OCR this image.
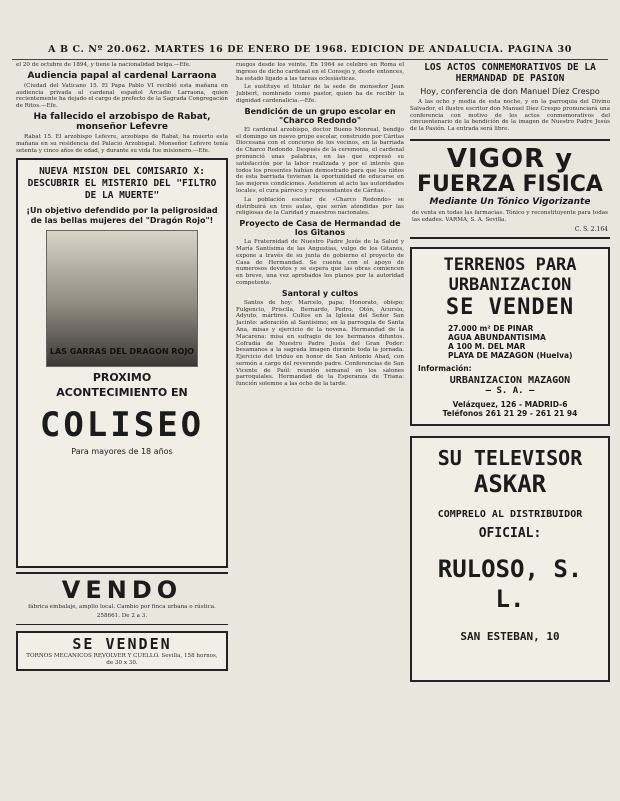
A B C. Nº 20.062. MARTES 16 DE ENERO DE 1968. EDICION DE ANDALUCIA. PAGINA 30

el 20 de octubre de 1894, y tiene la nacionalidad belga.—Efe.

Audiencia papal al cardenal Larraona

(Ciudad del Vaticano 15. El Papa Pablo VI recibió esta mañana en audiencia privada al cardenal español Arcadio Larraona, quien recientemente ha dejado el cargo de prefecto de la Sagrada Congregación de Ritos.—Efe.

Ha fallecido el arzobispo de Rabat, monseñor Lefevre

Rabat 15. El arzobispo Lefevre, arzobispo de Rabat, ha muerto esta mañana en su residencia del Palacio Arzobispal. Monseñor Lefevre tenía setenta y cinco años de edad, y durante su vida fue misionero.—Efe.

NUEVA MISION DEL COMISARIO X: DESCUBRIR EL MISTERIO DEL "FILTRO DE LA MUERTE"
¡Un objetivo defendido por la peligrosidad de las bellas mujeres del "Dragón Rojo"!
LAS GARRAS DEL DRAGON ROJO
PROXIMO
ACONTECIMIENTO EN
COLISEO
Para mayores de 18 años
VENDO

fábrica embalaje, amplio local. Cambio por finca urbana o rústica.

258661. De 2 a 3.

SE VENDEN

TORNOS MECANICOS REVOLVER Y CUELLO. Sevilla, 158 hornos, de 30 x 30.

ruegos desde los veinte. En 1964 se celebró en Roma el ingreso de dicho cardenal en el Consejo y, desde entonces, ha estado ligado a las tareas eclesiásticas.

Le sustituye el titular de la sede de monseñor Jean Jubbert, nombrado como pastor, quien ha de recibir la dignidad cardenalicia.—Efe.

Bendición de un grupo escolar en "Charco Redondo"

El cardenal arzobispo, doctor Bueno Monreal, bendijo el domingo un nuevo grupo escolar, construido por Cáritas Diocesana con el concurso de los vecinos, en la barriada de Charco Redondo. Después de la ceremonia, el cardenal pronunció unas palabras, en las que expresó su satisfacción por la labor realizada y por el interés que todos los presentes habían demostrado para que los niños de esta barriada tuvieran la oportunidad de educarse en las mejores condiciones. Asistieron al acto las autoridades locales, el cura párroco y representantes de Cáritas.

La población escolar de «Charco Redondo» se distribuirá en tres aulas, que serán atendidas por las religiosas de la Caridad y maestros nacionales.

Proyecto de Casa de Hermandad de los Gitanos

La Fraternidad de Nuestro Padre Jesús de la Salud y María Santísima de las Angustias, vulgo de los Gitanos, expone a través de su junta de gobierno el proyecto de Casa de Hermandad. Se cuenta con el apoyo de numerosos devotos y se espera que las obras comiencen en breve, una vez aprobados los planos por la autoridad competente.

Santoral y cultos

Santos de hoy: Marcelo, papa; Honorato, obispo; Fulgencio, Priscila, Bernardo, Pedro, Otón, Acursio, Adyuto, mártires. Cultos en la Iglesia del Señor San Jacinto: adoración al Santísimo; en la parroquia de Santa Ana, misas y ejercicio de la novena. Hermandad de la Macarena: misa en sufragio de los hermanos difuntos. Cofradía de Nuestro Padre Jesús del Gran Poder: besamanos a la sagrada imagen durante toda la jornada. Ejercicio del triduo en honor de San Antonio Abad, con sermón a cargo del reverendo padre. Conferencias de San Vicente de Paúl: reunión semanal en los salones parroquiales. Hermandad de la Esperanza de Triana: función solemne a las ocho de la tarde.

LOS ACTOS CONMEMORATIVOS DE LA HERMANDAD DE PASION
Hoy, conferencia de don Manuel Díez Crespo

A las ocho y media de esta noche, y en la parroquia del Divino Salvador, el ilustre escritor don Manuel Díez Crespo pronunciará una conferencia con motivo de los actos conmemorativos del cincuentenario de la bendición de la imagen de Nuestro Padre Jesús de la Pasión. La entrada será libre.

VIGOR y
FUERZA FISICA
Mediante Un Tónico Vigorizante

de venta en todas las farmacias. Tónico y reconstituyente para todas las edades. VARMA, S. A. Sevilla.

C. S. 2.164
TERRENOS PARA
URBANIZACION
SE VENDEN
27.000 m² DE PINAR
AGUA ABUNDANTISIMA
A 100 M. DEL MAR
PLAYA DE MAZAGON (Huelva)
Información:
URBANIZACION MAZAGON
— S. A. —
Velázquez, 126 - MADRID-6
Teléfonos 261 21 29 - 261 21 94
SU TELEVISOR
ASKAR
COMPRELO AL DISTRIBUIDOR
OFICIAL:
RULOSO, S. L.
SAN ESTEBAN, 10
